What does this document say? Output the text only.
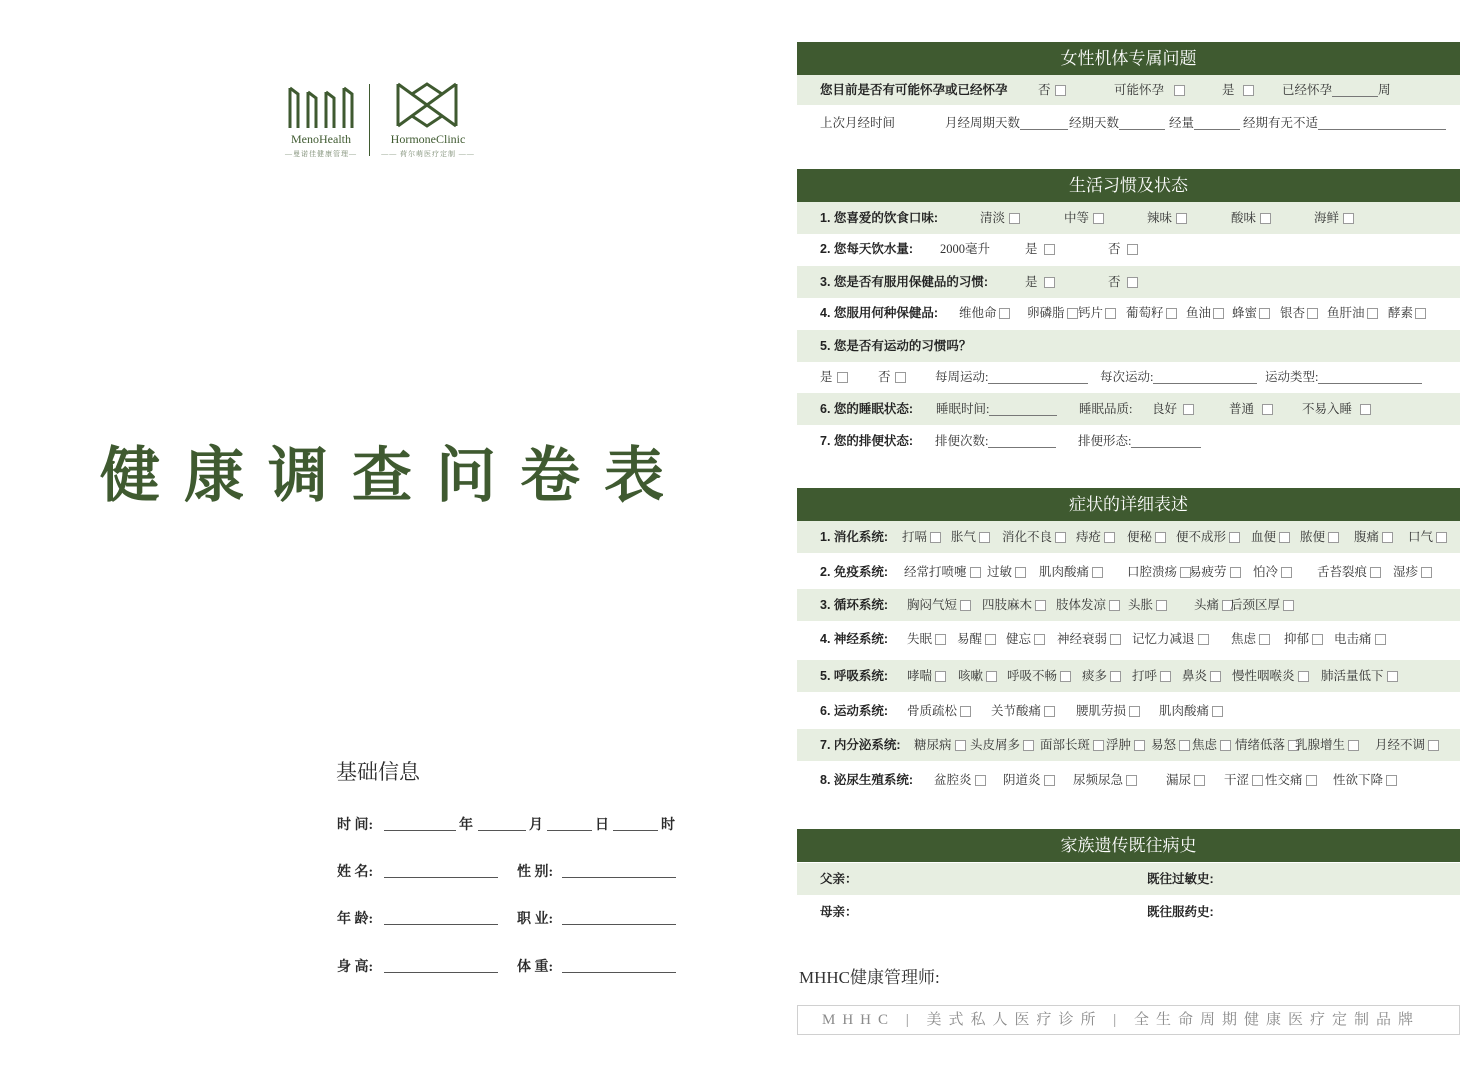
MenoHealth
—曼诺佳健康管理—
HormoneClinic
—— 荷尔萌医疗定制 ——
健康调查问卷表
基础信息
时 间:	年	月	日	时
姓 名:	性 别:
年 龄:	职 业:
身 高:	体 重:
女性机体专属问题
您目前是否有可能怀孕或已经怀孕 否	可能怀孕	是	已经怀孕	周
上次月经时间	月经周期天数	经期天数	经量	经期有无不适
生活习惯及状态
1. 您喜爱的饮食口味:	清淡	中等	辣味	酸味	海鲜
2. 您每天饮水量: 2000毫升	是	否
3. 您是否有服用保健品的习惯:	是	否
4. 您服用何种保健品: 维他命	卵磷脂	钙片	葡萄籽	鱼油	蜂蜜	银杏	鱼肝油	酵素
5. 您是否有运动的习惯吗？
是	否	每周运动:	每次运动:	运动类型:
6. 您的睡眠状态: 睡眠时间:	睡眠品质: 良好	普通	不易入睡
7. 您的排便状态: 排便次数:	排便形态:
症状的详细表述
1. 消化系统: 打嗝	胀气	消化不良	痔疮	便秘	便不成形	血便	脓便	腹痛	口气
2. 免疫系统: 经常打喷嚏	过敏	肌肉酸痛	口腔溃疡 易疲劳	怕冷	舌苔裂痕	湿疹
3. 循环系统: 胸闷气短	四肢麻木	肢体发凉	头胀	头痛 后颈区厚
4. 神经系统: 失眠	易醒	健忘	神经衰弱	记忆力减退	焦虑	抑郁	电击痛
5. 呼吸系统: 哮喘	咳嗽	呼吸不畅	痰多	打呼	鼻炎	慢性咽喉炎	肺活量低下
6. 运动系统: 骨质疏松	关节酸痛	腰肌劳损	肌肉酸痛
7. 内分泌系统: 糖尿病	头皮屑多	面部长斑	浮肿	易怒	焦虑	情绪低落 乳腺增生	月经不调
8. 泌尿生殖系统: 盆腔炎	阴道炎	尿频尿急	漏尿	干涩	性交痛	性欲下降
家族遗传既往病史
父亲：	既往过敏史:
母亲：	既往服药史:
MHHC健康管理师:
MHHC | 美式私人医疗诊所 | 全生命周期健康医疗定制品牌
